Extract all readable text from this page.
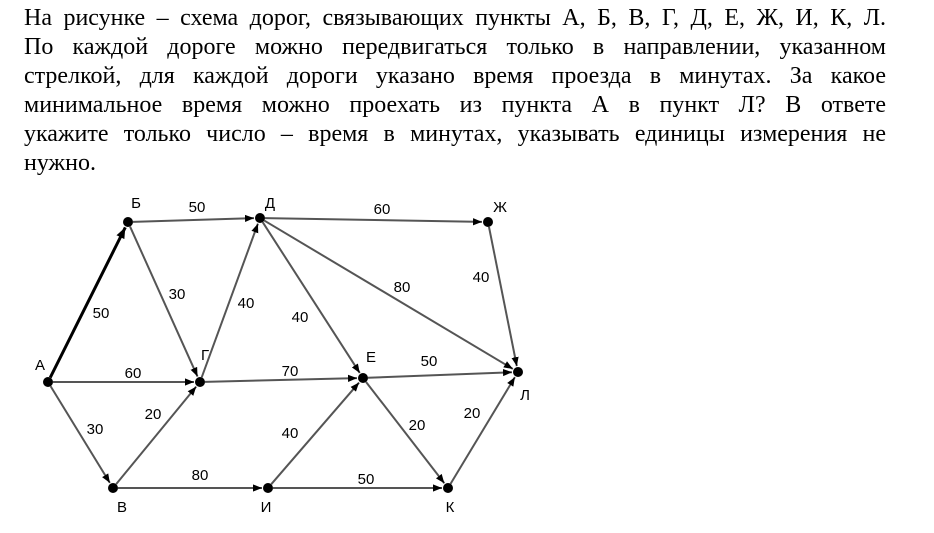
На рисунке – схема дорог, связывающих пункты А, Б, В, Г, Д, Е, Ж, И, К, Л.
По каждой дороге можно передвигаться только в направлении, указанном
стрелкой, для каждой дороги указано время проезда в минутах. За какое
минимальное время можно проехать из пункта А в пункт Л? В ответе
укажите только число – время в минутах, указывать единицы измерения не
нужно.
50
60
30
50
30
20
80
40
70
40
60
80
40
50
20
40
50
20
А
Б
В
Г
Д
Е
Ж
И	К
Л
